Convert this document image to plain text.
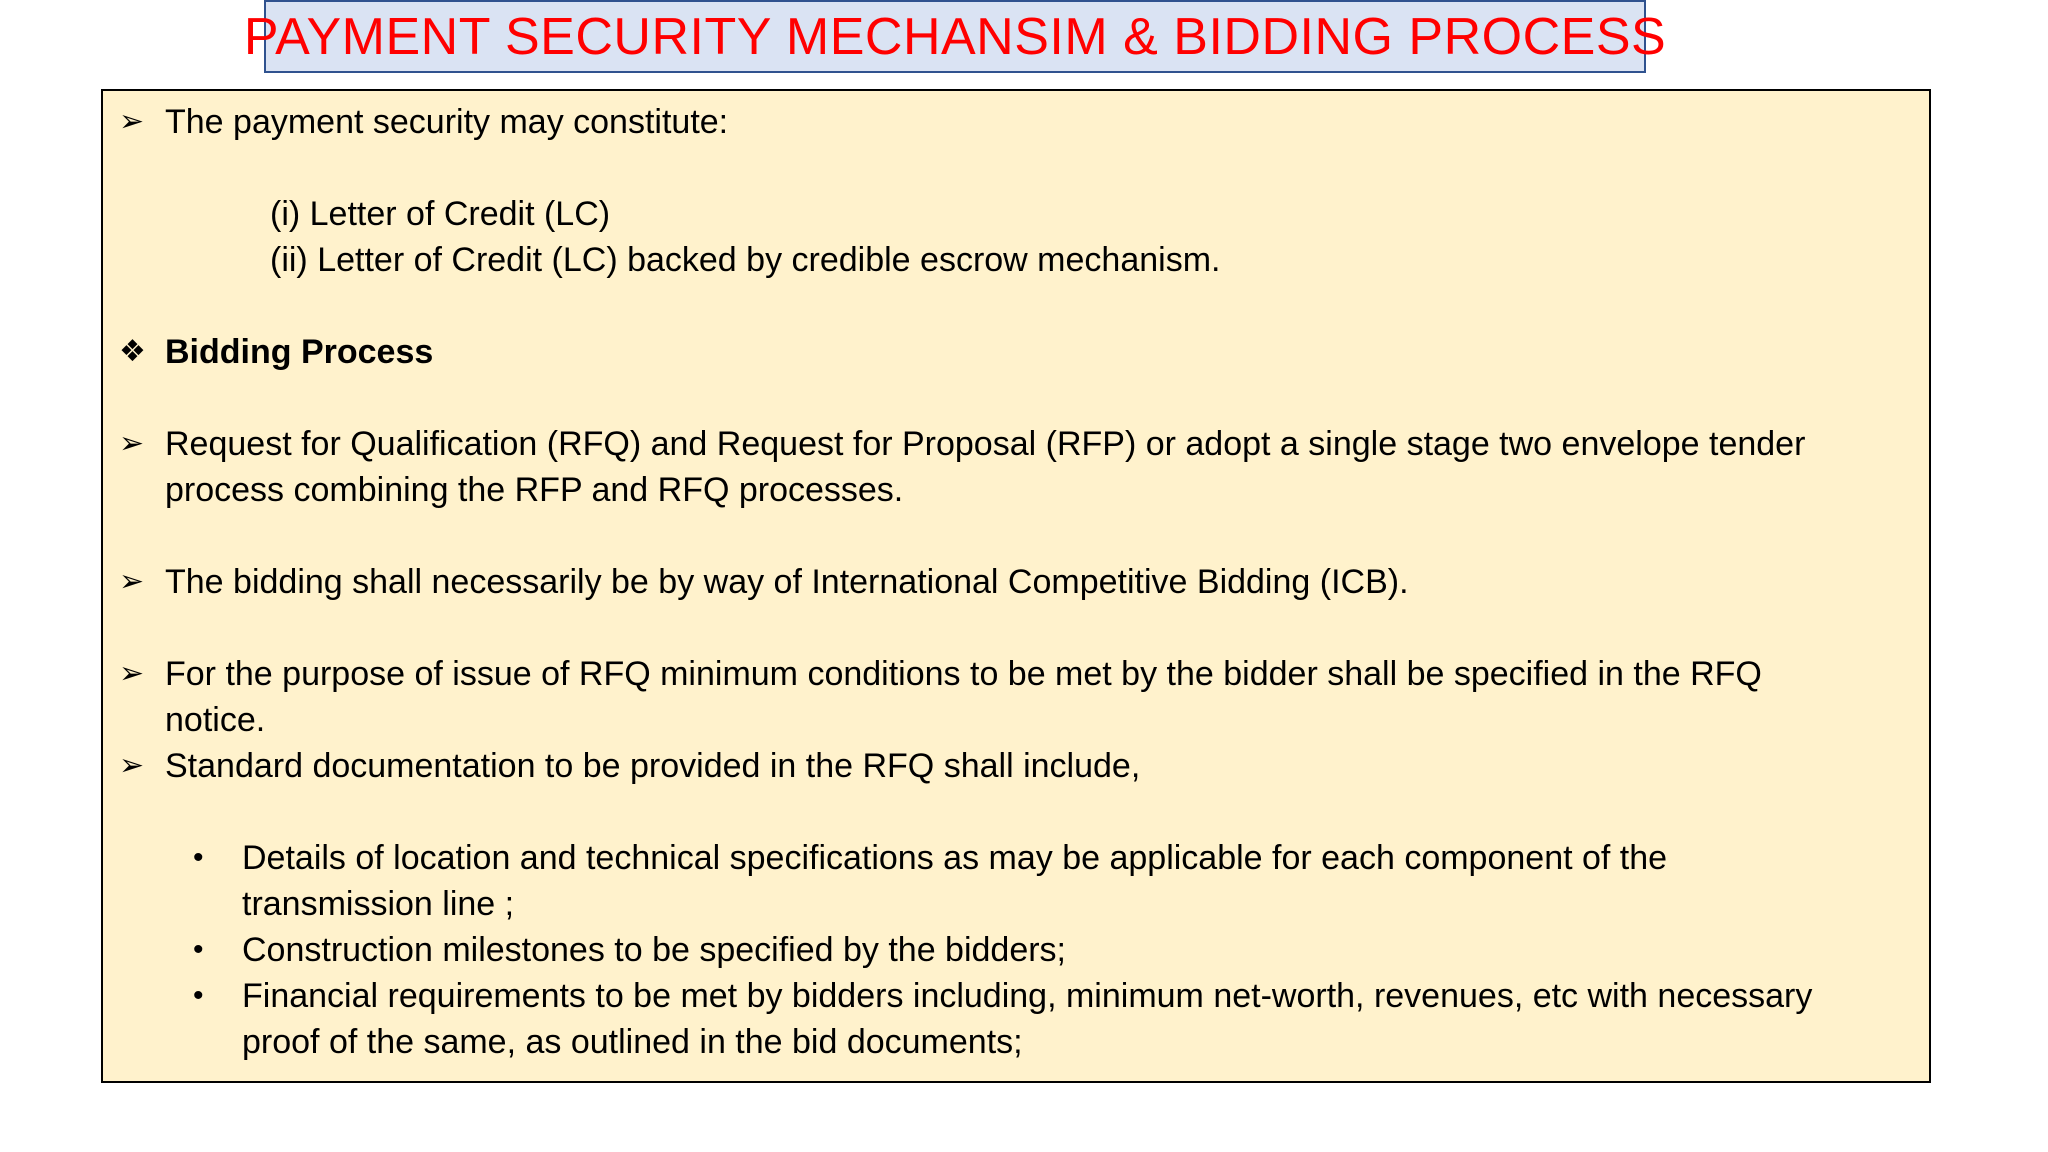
PAYMENT SECURITY MECHANSIM & BIDDING PROCESS
➢ The payment security may constitute:
(i) Letter of Credit (LC)
(ii) Letter of Credit (LC) backed by credible escrow mechanism.
❖ Bidding Process
➢ Request for Qualification (RFQ) and Request for Proposal (RFP) or adopt a single stage two envelope tender
process combining the RFP and RFQ processes.
➢ The bidding shall necessarily be by way of International Competitive Bidding (ICB).
➢ For the purpose of issue of RFQ minimum conditions to be met by the bidder shall be specified in the RFQ
notice.
➢ Standard documentation to be provided in the RFQ shall include,
• Details of location and technical specifications as may be applicable for each component of the
transmission line ;
• Construction milestones to be specified by the bidders;
• Financial requirements to be met by bidders including, minimum net-worth, revenues, etc with necessary
proof of the same, as outlined in the bid documents;
